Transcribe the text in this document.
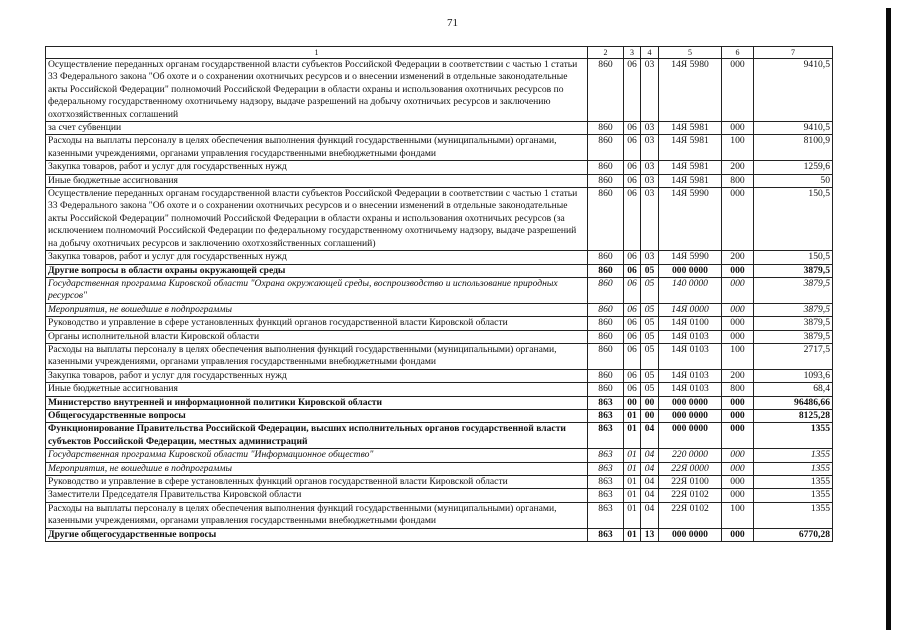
71
1	2	3	4	5	6	7
Осуществление переданных органам государственной власти субъектов Российской Федерации в соответствии с частью 1 статьи 33 Федерального закона "Об охоте и о сохранении охотничьих ресурсов и о внесении изменений в отдельные законодательные акты Российской Федерации" полномочий Российской Федерации в области охраны и использования охотничьих ресурсов по федеральному государственному охотничьему надзору, выдаче разрешений на добычу охотничьих ресурсов и заключению охотхозяйственных соглашений	860	06	03	14Я 5980	000	9410,5
за счет субвенции	860	06	03	14Я 5981	000	9410,5
Расходы на выплаты персоналу в целях обеспечения выполнения функций государственными (муниципальными) органами, казенными учреждениями, органами управления государственными внебюджетными фондами	860	06	03	14Я 5981	100	8100,9
Закупка товаров, работ и услуг для государственных нужд	860	06	03	14Я 5981	200	1259,6
Иные бюджетные ассигнования	860	06	03	14Я 5981	800	50
Осуществление переданных органам государственной власти субъектов Российской Федерации в соответствии с частью 1 статьи 33 Федерального закона "Об охоте и о сохранении охотничьих ресурсов и о внесении изменений в отдельные законодательные акты Российской Федерации" полномочий Российской Федерации в области охраны и использования охотничьих ресурсов (за исключением полномочий Российской Федерации по федеральному государственному охотничьему надзору, выдаче разрешений на добычу охотничьих ресурсов и заключению охотхозяйственных соглашений)	860	06	03	14Я 5990	000	150,5
Закупка товаров, работ и услуг для государственных нужд	860	06	03	14Я 5990	200	150,5
Другие вопросы в области охраны окружающей среды	860	06	05	000 0000	000	3879,5
Государственная программа Кировской области "Охрана окружающей среды, воспроизводство и использование природных ресурсов"	860	06	05	140 0000	000	3879,5
Мероприятия, не вошедшие в подпрограммы	860	06	05	14Я 0000	000	3879,5
Руководство и управление в сфере установленных функций органов государственной власти Кировской области	860	06	05	14Я 0100	000	3879,5
Органы исполнительной власти Кировской области	860	06	05	14Я 0103	000	3879,5
Расходы на выплаты персоналу в целях обеспечения выполнения функций государственными (муниципальными) органами, казенными учреждениями, органами управления государственными внебюджетными фондами	860	06	05	14Я 0103	100	2717,5
Закупка товаров, работ и услуг для государственных нужд	860	06	05	14Я 0103	200	1093,6
Иные бюджетные ассигнования	860	06	05	14Я 0103	800	68,4
Министерство внутренней и информационной политики Кировской области	863	00	00	000 0000	000	96486,66
Общегосударственные вопросы	863	01	00	000 0000	000	8125,28
Функционирование Правительства Российской Федерации, высших исполнительных органов государственной власти субъектов Российской Федерации, местных администраций	863	01	04	000 0000	000	1355
Государственная программа Кировской области "Информационное общество"	863	01	04	220 0000	000	1355
Мероприятия, не вошедшие в подпрограммы	863	01	04	22Я 0000	000	1355
Руководство и управление в сфере установленных функций органов государственной власти Кировской области	863	01	04	22Я 0100	000	1355
Заместители Председателя Правительства Кировской области	863	01	04	22Я 0102	000	1355
Расходы на выплаты персоналу в целях обеспечения выполнения функций государственными (муниципальными) органами, казенными учреждениями, органами управления государственными внебюджетными фондами	863	01	04	22Я 0102	100	1355
Другие общегосударственные вопросы	863	01	13	000 0000	000	6770,28
